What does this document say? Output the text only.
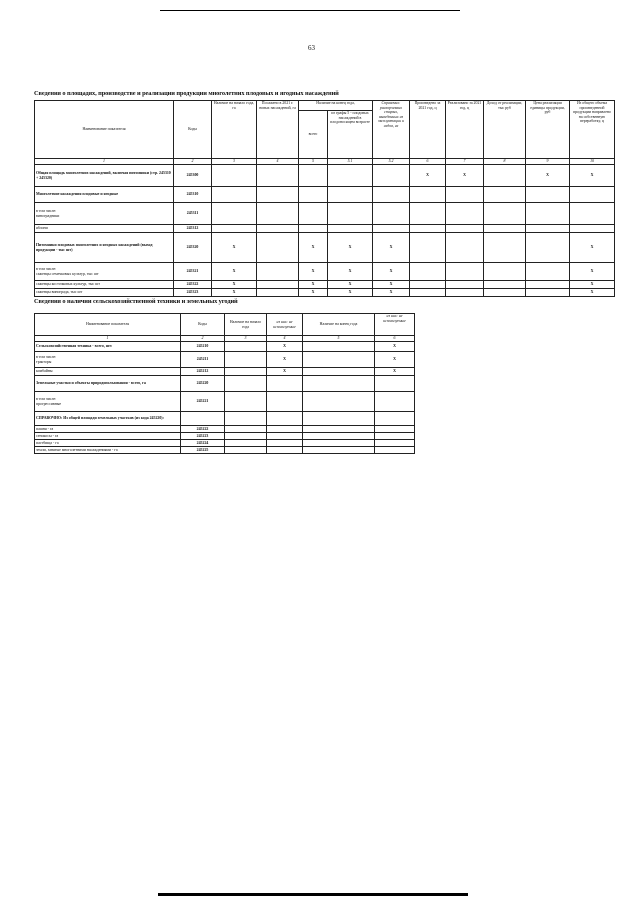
63
Сведения о площадях, производстве и реализации продукции многолетних плодовых и ягодных насаждений
Наименование показателя	Коды	Наличие на начало года, га	Посажено в 2021 г. новых насаждений, га	Наличие на конец года,		Справочно: раскорчевано старых, выведенных из эксплуатации и садов, га	Произведено за 2021 год, ц	Реализовано за 2021 год, ц	Доход от реализации, тыс руб	Цена реализации единицы продукции, руб	Из общего объема произведенной продукции направлено на собственную переработку, ц
				всего	из графы 5 - плодовых насаждений в плодоносящем возрасте						
1	2	3	4	5	5.1	5.2	6	7	8	9	10
Общая площадь многолетних насаждений, включая питомники (стр. 245310 + 245320)	245300						X	X		X	X
Многолетние насаждения плодовые и ягодные	245310										
в том числе:
виноградники	245311										
яблони	245312										
Питомники плодовых многолетних и ягодных насаждений (выход продукции - тыс шт)	245320	X		X	X	X					X
в том числе:
саженцы семечковых культур, тыс шт	245321	X		X	X	X					X
саженцы косточковых культур, тыс шт	245322	X		X	X	X					X
саженцы винограда, тыс шт	245323	X		X	X	X					X
Сведения о наличии сельскохозяйственной техники и земельных угодий
Наименование показателя	Коды	Наличие на начало года	из них: не используемые	Наличие на конец года	из них: не используемые
1	2	3	4	5	6
Сельскохозяйственная техника - всего, шт:	245210		X		X
в том числе:
тракторы	245211		X		X
комбайны	245212		X		X
Земельные участки и объекты природопользования - всего, га	245220				
в том числе:
прогрессивные	245221				
СПРАВОЧНО: Из общей площади земельных участков (из кода 245220):					
пашня - га	245222				
сенокосы - га	245223				
пастбища - га	245224				
земли, занятые многолетними насаждениями - га	245225				
